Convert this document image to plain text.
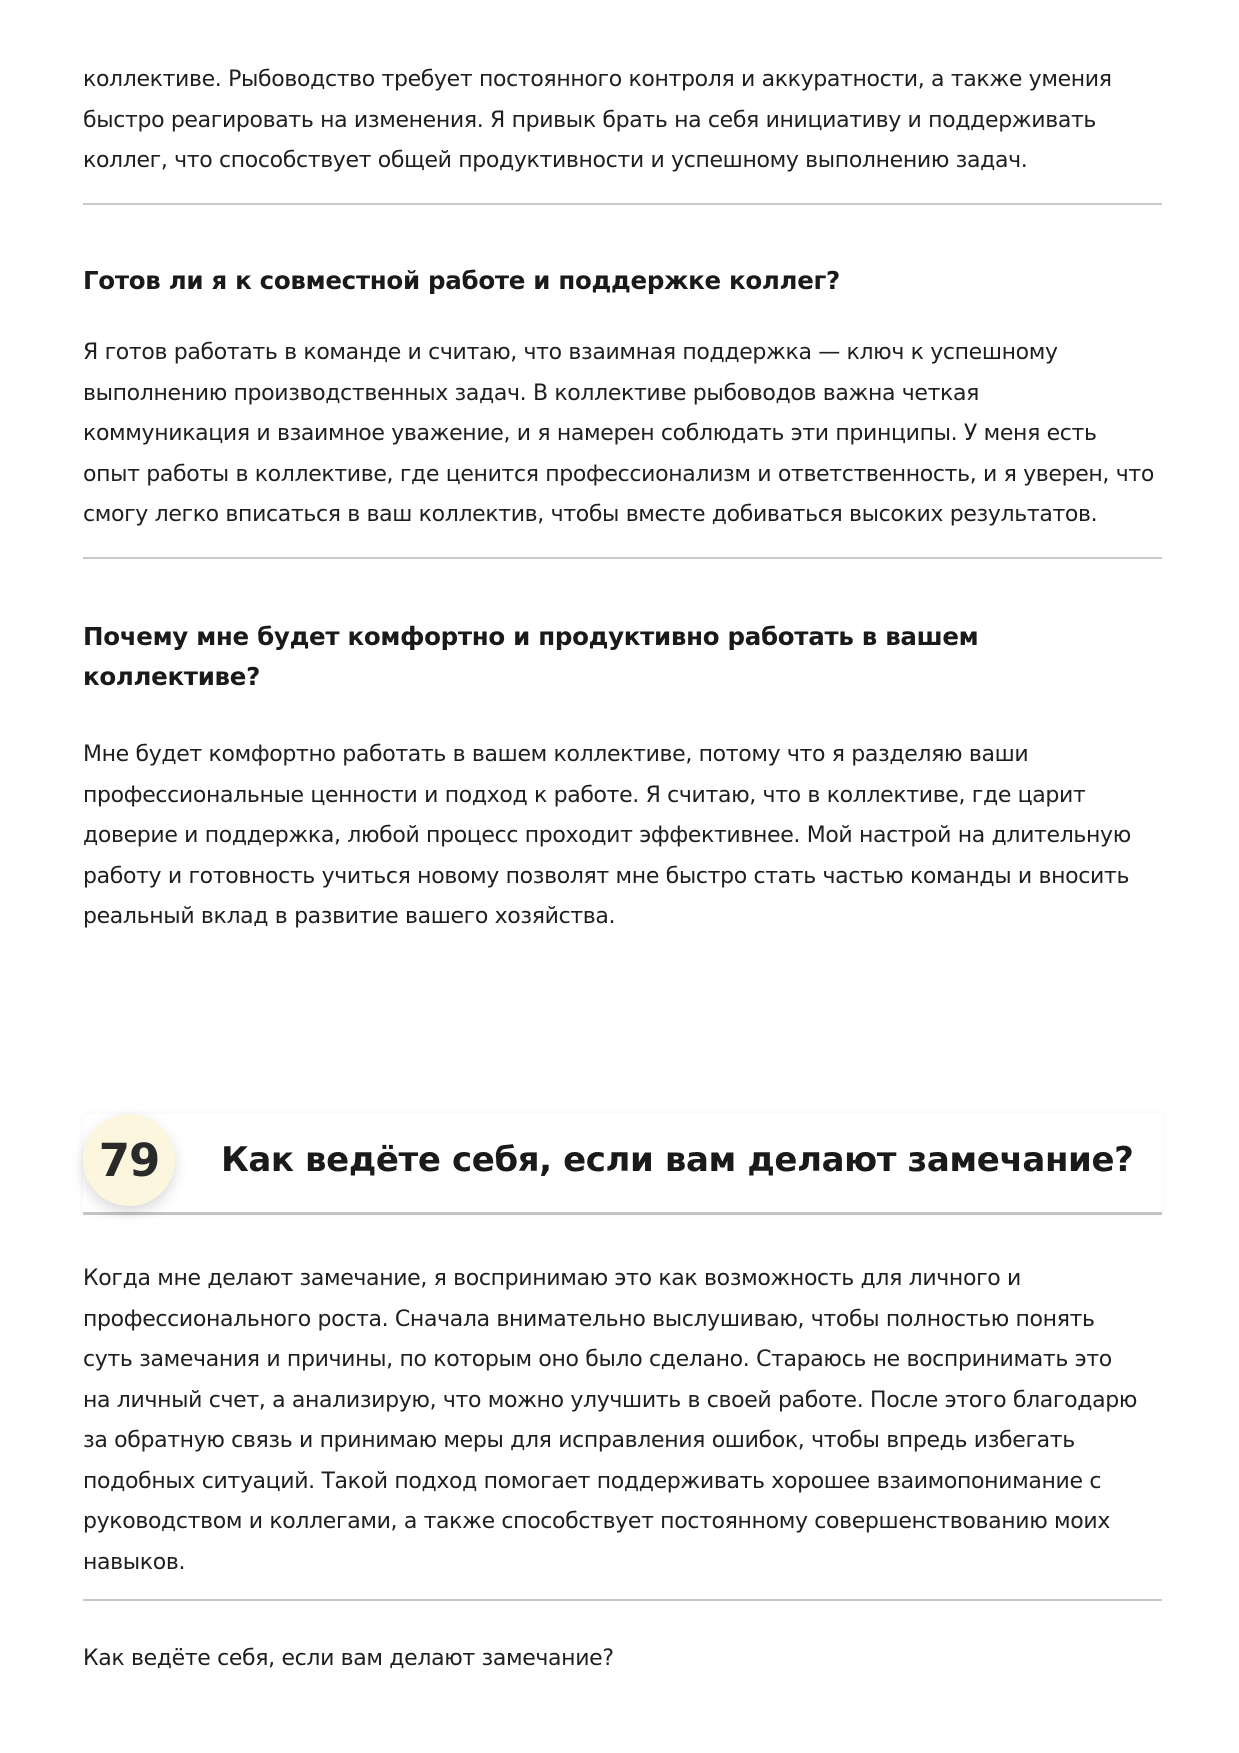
коллективе. Рыбоводство требует постоянного контроля и аккуратности, а также умения

быстро реагировать на изменения. Я привык брать на себя инициативу и поддерживать

коллег, что способствует общей продуктивности и успешному выполнению задач.

Готов ли я к совместной работе и поддержке коллег?

Я готов работать в команде и считаю, что взаимная поддержка — ключ к успешному

выполнению производственных задач. В коллективе рыбоводов важна четкая

коммуникация и взаимное уважение, и я намерен соблюдать эти принципы. У меня есть

опыт работы в коллективе, где ценится профессионализм и ответственность, и я уверен, что

смогу легко вписаться в ваш коллектив, чтобы вместе добиваться высоких результатов.

Почему мне будет комфортно и продуктивно работать в вашем
коллективе?

Мне будет комфортно работать в вашем коллективе, потому что я разделяю ваши

профессиональные ценности и подход к работе. Я считаю, что в коллективе, где царит

доверие и поддержка, любой процесс проходит эффективнее. Мой настрой на длительную

работу и готовность учиться новому позволят мне быстро стать частью команды и вносить

реальный вклад в развитие вашего хозяйства.

79	Как ведёте себя, если вам делают замечание?

Когда мне делают замечание, я воспринимаю это как возможность для личного и

профессионального роста. Сначала внимательно выслушиваю, чтобы полностью понять

суть замечания и причины, по которым оно было сделано. Стараюсь не воспринимать это

на личный счет, а анализирую, что можно улучшить в своей работе. После этого благодарю

за обратную связь и принимаю меры для исправления ошибок, чтобы впредь избегать

подобных ситуаций. Такой подход помогает поддерживать хорошее взаимопонимание с

руководством и коллегами, а также способствует постоянному совершенствованию моих

навыков.

Как ведёте себя, если вам делают замечание?
